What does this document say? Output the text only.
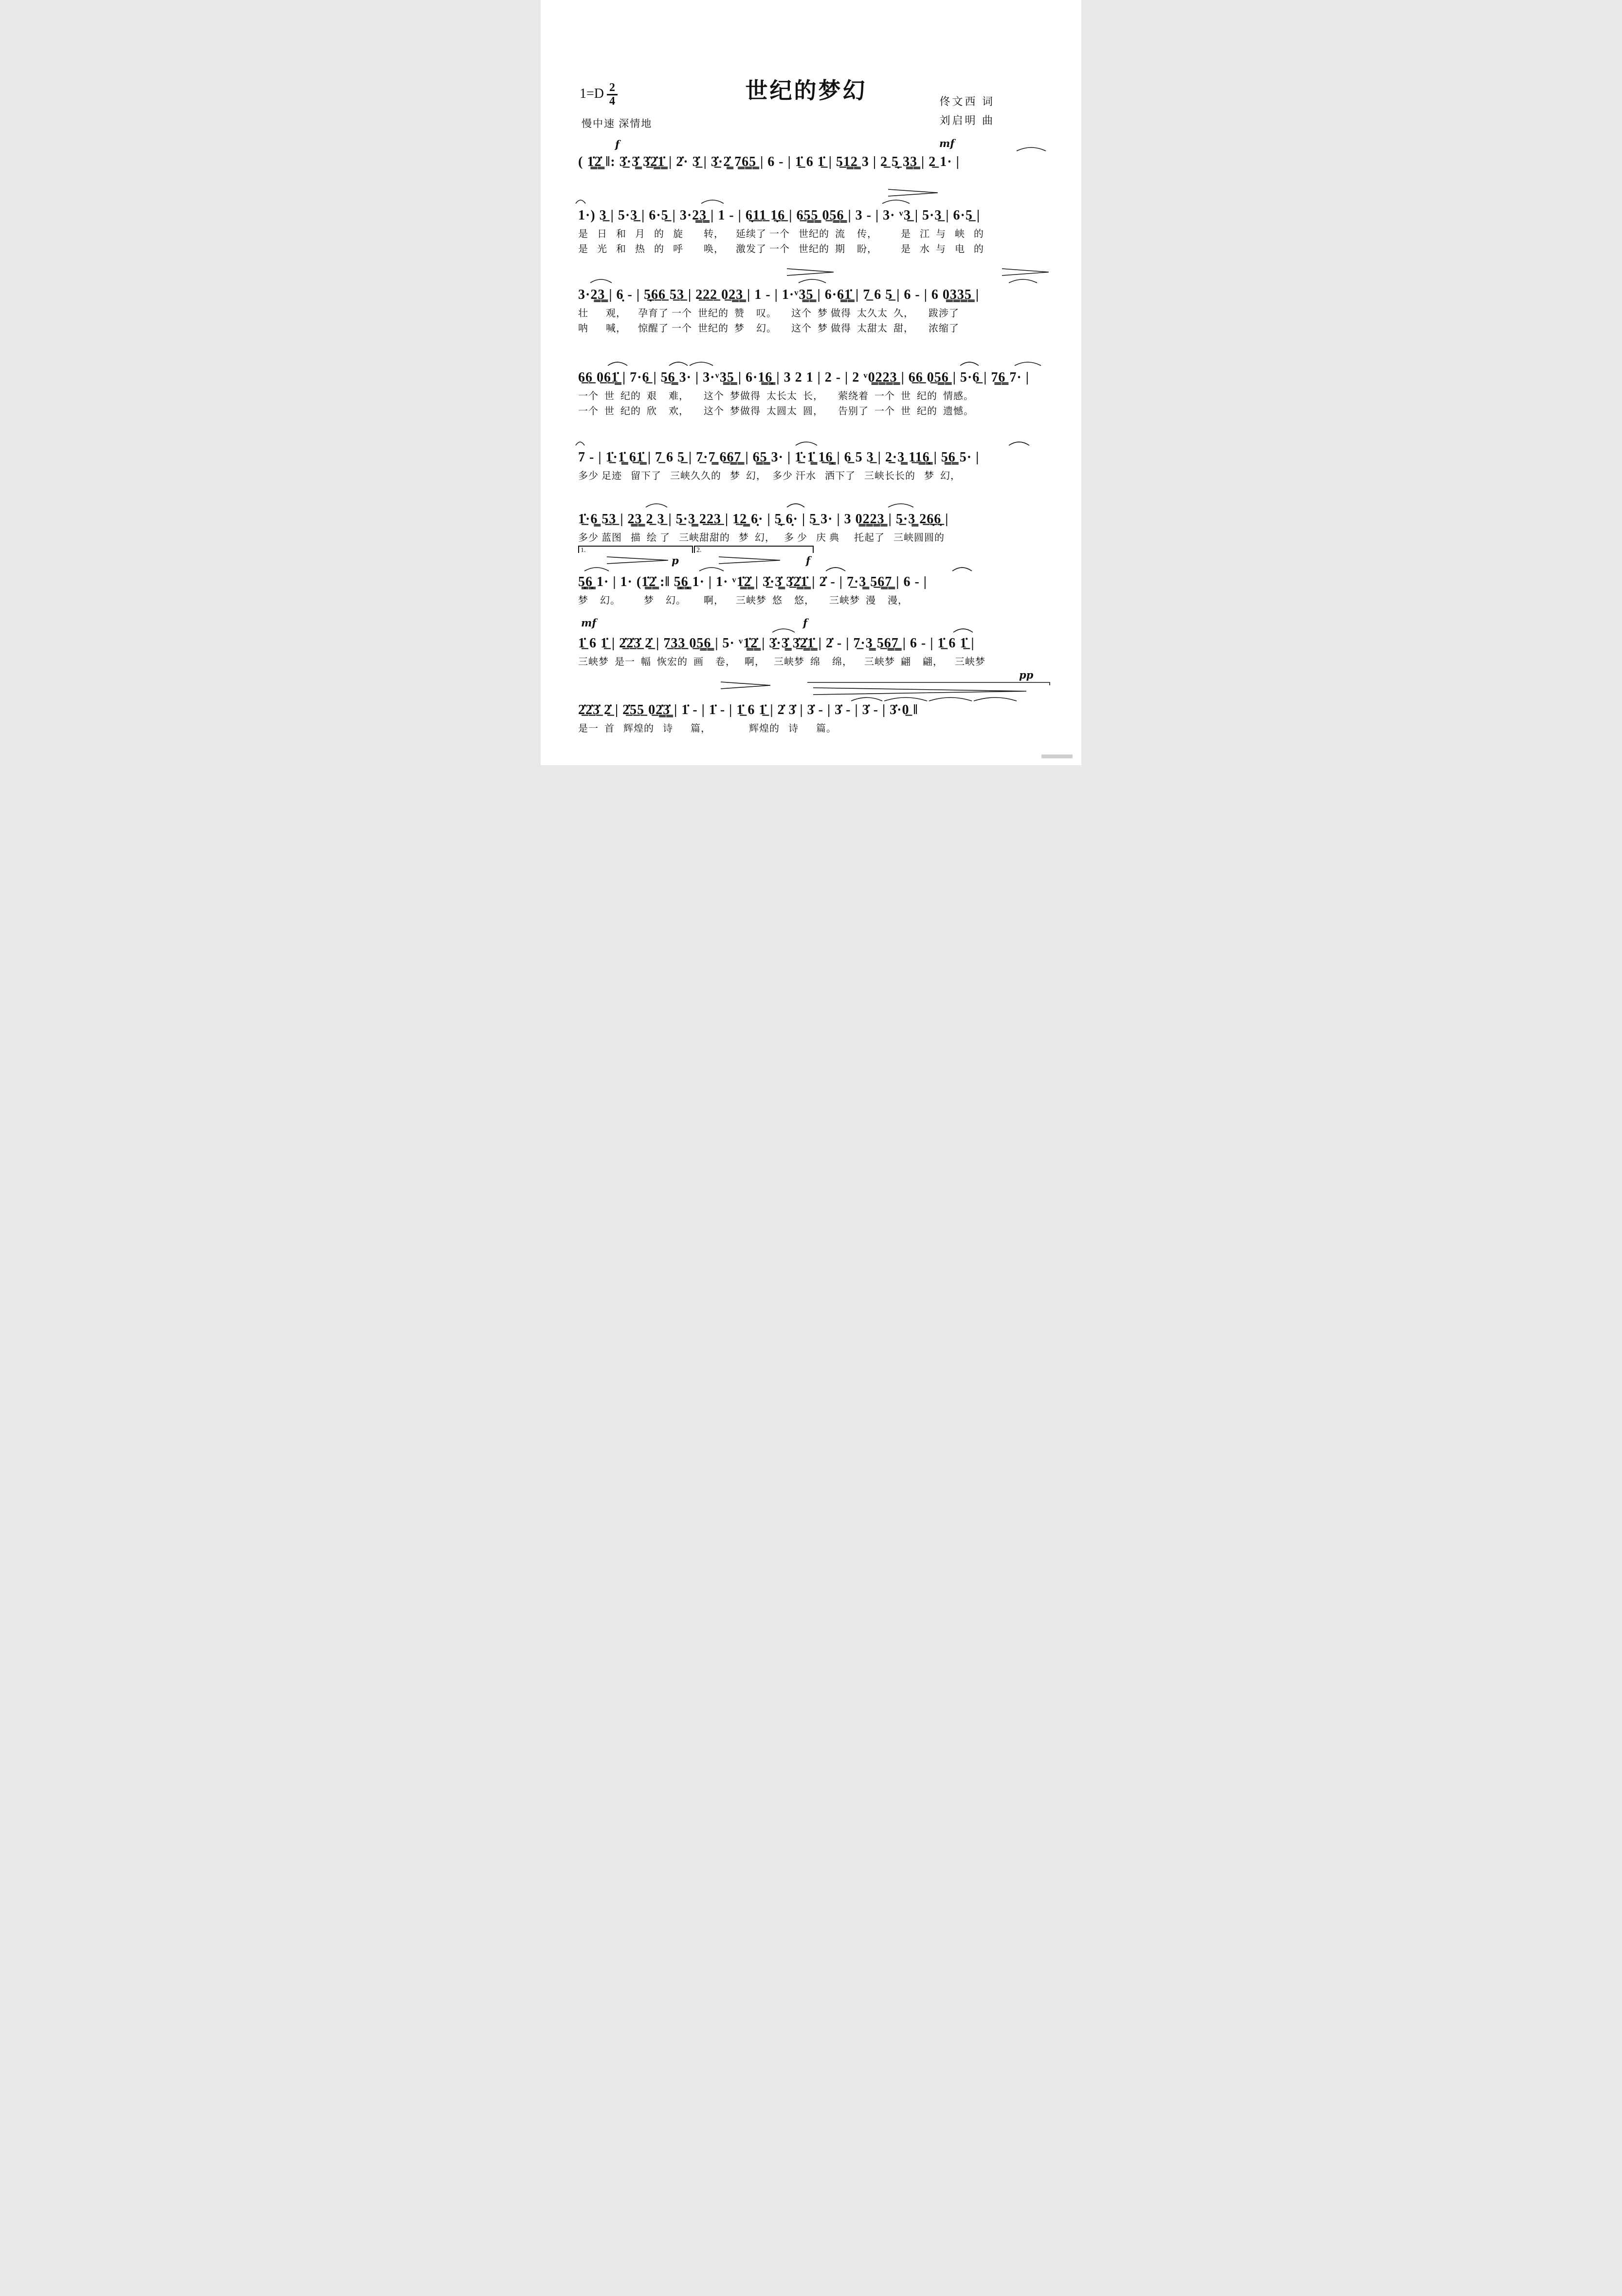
$1=D \frac{2}{4}$
慢中速 深情地
世纪的梦幻	佟文西 词
刘启明 曲
f	mf
( 1̳̇2̳̇ ‖: 3̲̇·3̳̇ 3̲̇2̳̇1̳̇ | 2̇· 3̲̇ | 3̲̇·2̳̇ 7̳6̳5̳ | 6 - | 1̲̇ 6 1̲̇ | 5̲1̳2̳ 3 | 2̲ 5̣̲ 3̳3̳ | 2̲ 1· |
1·) 3̲ | 5·3̲ | 6·5̲ | 3·2̳3̳ | 1 - | 6̣̲1̲1̲ 1̣̲6̲ | 6̲5̳5̳ 0̲5̳6̳ | 3 - | 3· ᵛ3̲ | 5·3̲ | 6·5̲ |
是   日   和   月   的   旋       转，    延续了 一个   世纪的  流    传，        是   江  与   峡   的
是   光   和   热   的   呼       唤，    激发了 一个   世纪的  期    盼，        是   水  与   电   的
3·2̳3̳ | 6̣ - | 5̣̲6̲6̲ 5̲3̲ | 2̲2̲2̲ 0̲2̳3̳ | 1 - | 1·ᵛ3̳5̳ | 6·6̳1̳̇ | 7̲ 6 5̲ | 6 - | 6 0̳3̳3̳5̳ |
壮      观，    孕育了 一个  世纪的  赞    叹。     这个  梦 做得  太久太  久，     跋涉了
呐      喊，    惊醒了 一个  世纪的  梦    幻。     这个  梦 做得  太甜太  甜，     浓缩了
6̲6̲ 0̲6̲1̳̇ | 7·6̲ | 5̲6̳ 3· | 3·ᵛ3̳5̳ | 6·1̳6̣̳ | 3 2 1 | 2 - | 2 ᵛ0̳2̳2̳3̳ | 6̲6̲ 0̲5̳6̳ | 5·6̲ | 7̳6̳ 7· |
一个  世  纪的  艰    难，     这个  梦做得  太长太  长，     萦绕着  一个  世  纪的  情感。
一个  世  纪的  欣    欢，     这个  梦做得  太圆太  圆，     告别了  一个  世  纪的  遗憾。
7 - | 1̲̇·1̳̇ 6̲1̳̇ | 7̲ 6 5̲ | 7̲·7̳ 6̲6̳7̳ | 6̳5̳ 3· | 1̲̇·1̳̇ 1̲6̣̳ | 6̲ 5 3̲ | 2̲·3̳ 1̲1̳6̣̳ | 5̳6̳ 5· |
多少 足迹   留下了   三峡久久的   梦  幻，  多少 汗水   洒下了   三峡长长的   梦  幻，
1̲̇·6̳ 5̲3̲ | 2̳3̳ 2̲ 3̲ | 5̲·3̳ 2̲2̲3̲ | 1̲2̳ 6̣· | 5̣̲ 6̣· | 5̲ 3· | 3 0̳2̳2̳3̳ | 5̲·3̳ 2̲6̣̲6̣̲ |
多少 蓝图   描  绘 了   三峡甜甜的   梦  幻，   多 少   庆 典     托起了   三峡圆圆的
1.	2.
p	f
5̣̳6̣̳ 1· | 1· (1̳̇2̳̇ :‖ 5̣̳6̣̳ 1· | 1· ᵛ1̳̇2̳̇ | 3̲̇·3̳̇ 3̲̇2̳̇1̳̇ | 2̇ - | 7̲·3̳ 5̲6̳7̳ | 6 - |
梦    幻。        梦    幻。      啊，    三峡梦  悠    悠，     三峡梦  漫    漫，
mf	f
1̲̇ 6 1̲̇ | 2̲̇2̲̇3̲̇ 2̲̇ | 7̲3̲3̲ 0̲5̳6̳ | 5· ᵛ1̳̇2̳̇ | 3̲̇·3̳̇ 3̲̇2̳̇1̳̇ | 2̇ - | 7̲·3̳ 5̲6̳7̳ | 6 - | 1̲̇ 6 1̲̇ |
三峡梦  是一  幅  恢宏的  画    卷，   啊，   三峡梦  绵    绵，    三峡梦  翩    翩，    三峡梦
pp
2̲̇2̲̇3̲̇ 2̲̇ | 2̲̇5̲5̲ 0̲2̳̇3̳̇ | 1̇ - | 1̇ - | 1̲̇ 6 1̲̇ | 2̇ 3̇ | 3̇ - | 3̇ - | 3̇ - | 3̇·0̲ ‖
是一  首   辉煌的   诗      篇，             辉煌的   诗      篇。
